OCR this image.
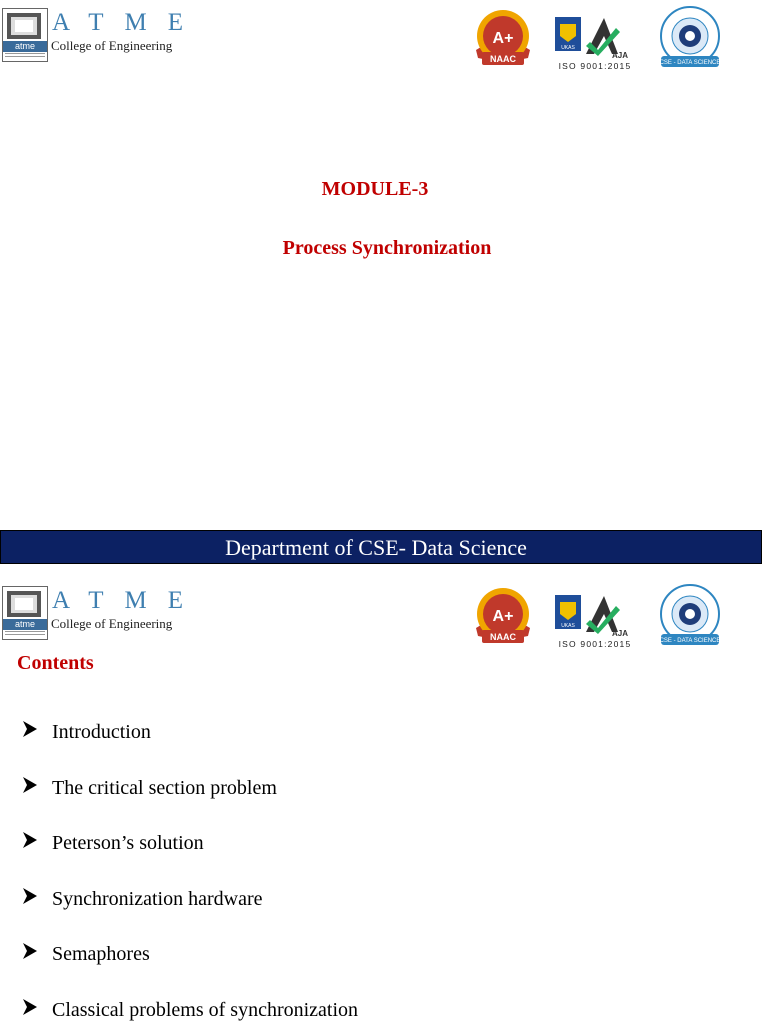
atme
ATME
College of Engineering	A+
NAAC
UKAS
AJA
ISO 9001:2015	CSE - DATA SCIENCE
MODULE-3
Process Synchronization
Department of CSE- Data Science
atme
ATME
College of Engineering	A+
NAAC
UKAS
AJA
ISO 9001:2015	CSE - DATA SCIENCE
Contents
Introduction
The critical section problem
Peterson’s solution
Synchronization hardware
Semaphores
Classical problems of synchronization
